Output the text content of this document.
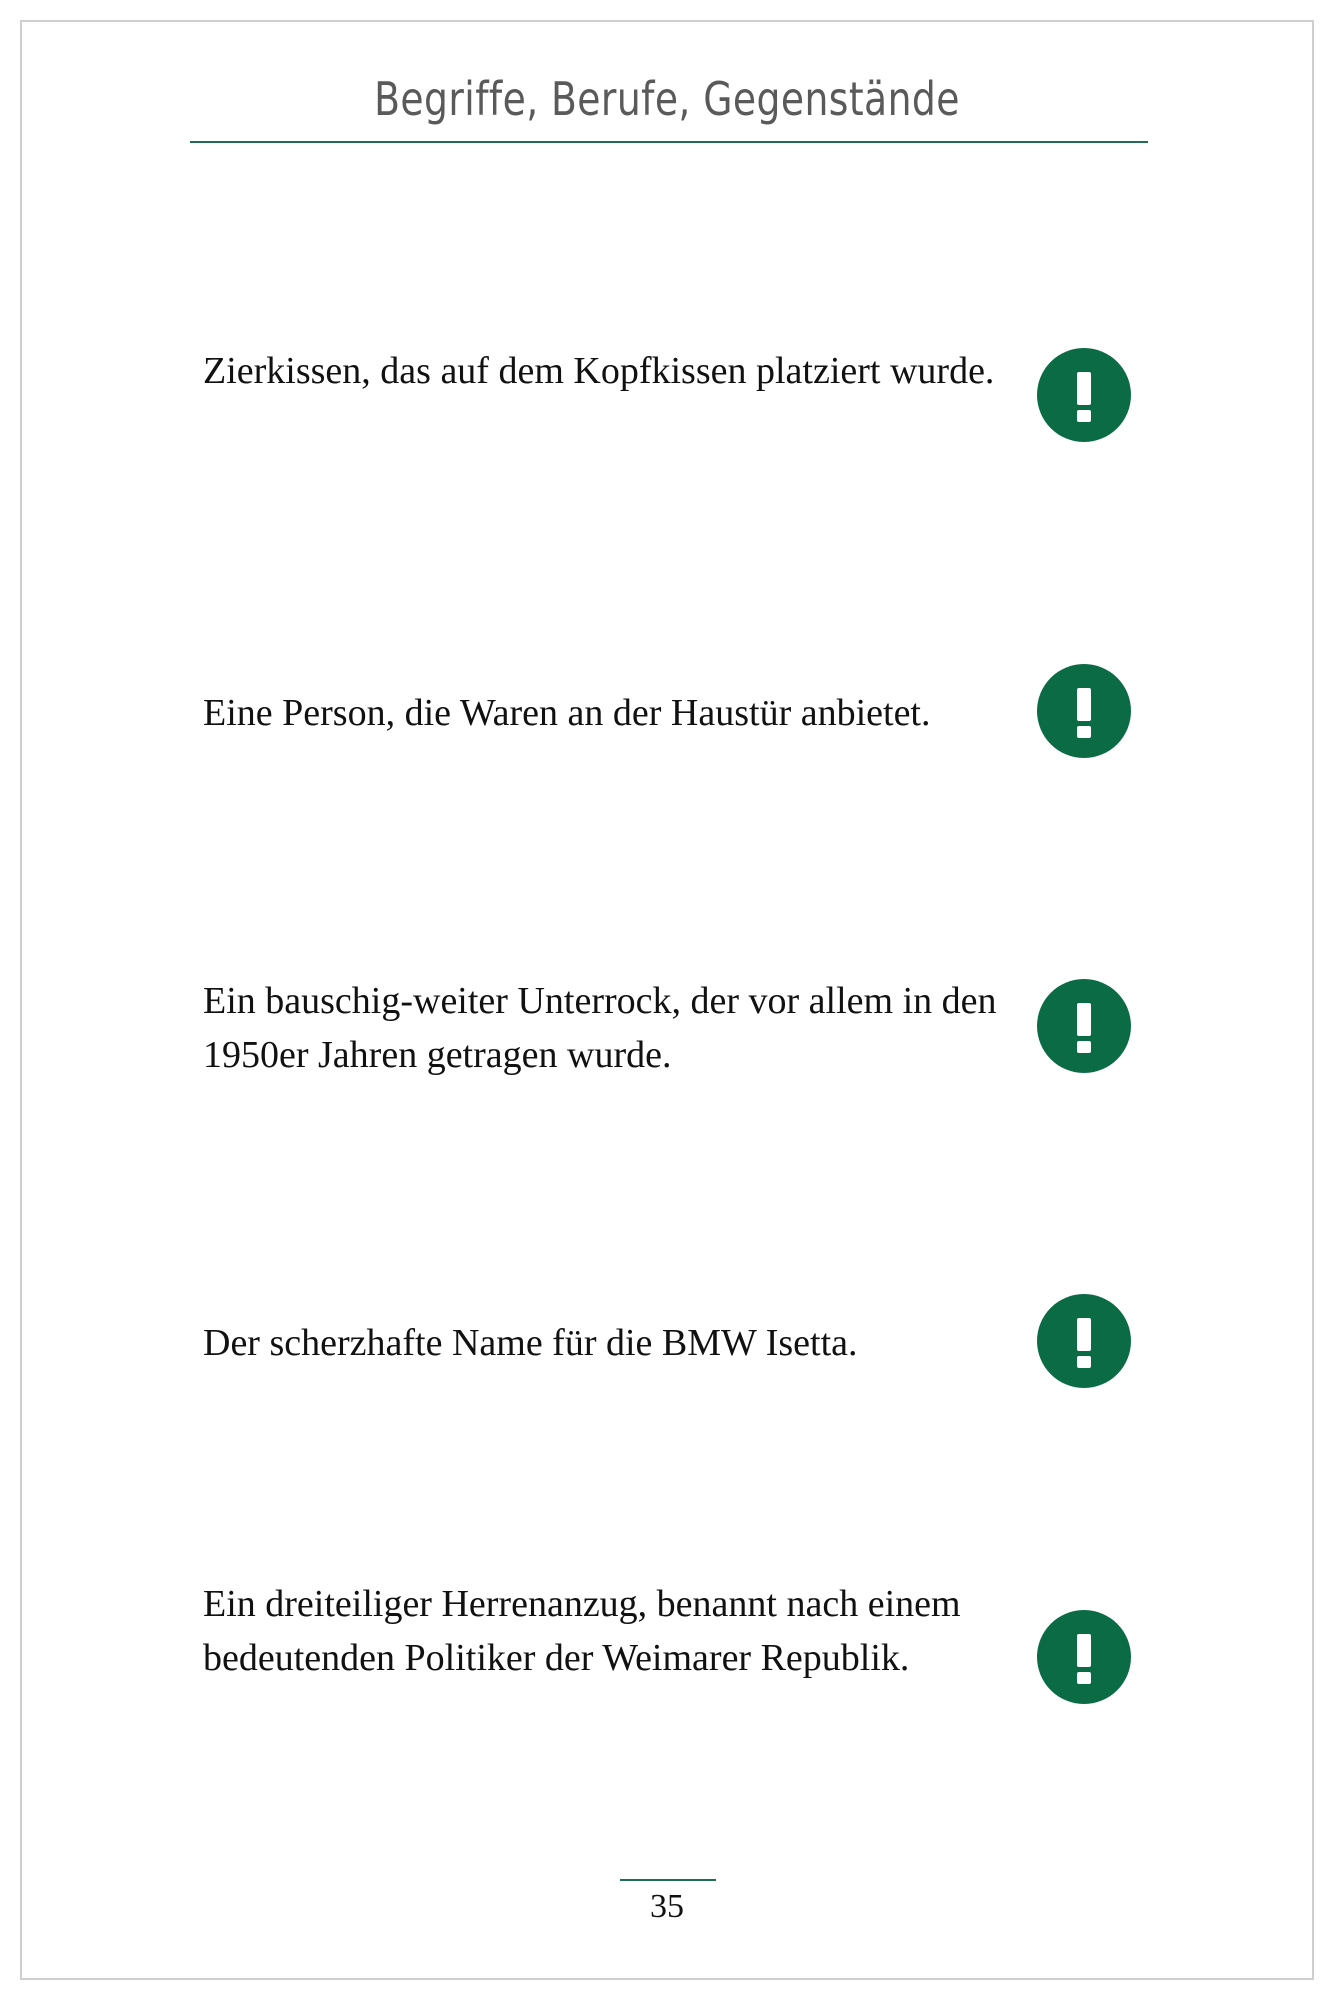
Begriffe, Berufe, Gegenstände
Zierkissen, das auf dem Kopfkissen platziert wurde.
Eine Person, die Waren an der Haustür anbietet.
Ein bauschig-weiter Unterrock, der vor allem in den 1950er Jahren getragen wurde.
Der scherzhafte Name für die BMW Isetta.
Ein dreiteiliger Herrenanzug, benannt nach einem bedeutenden Politiker der Weimarer Republik.
35
